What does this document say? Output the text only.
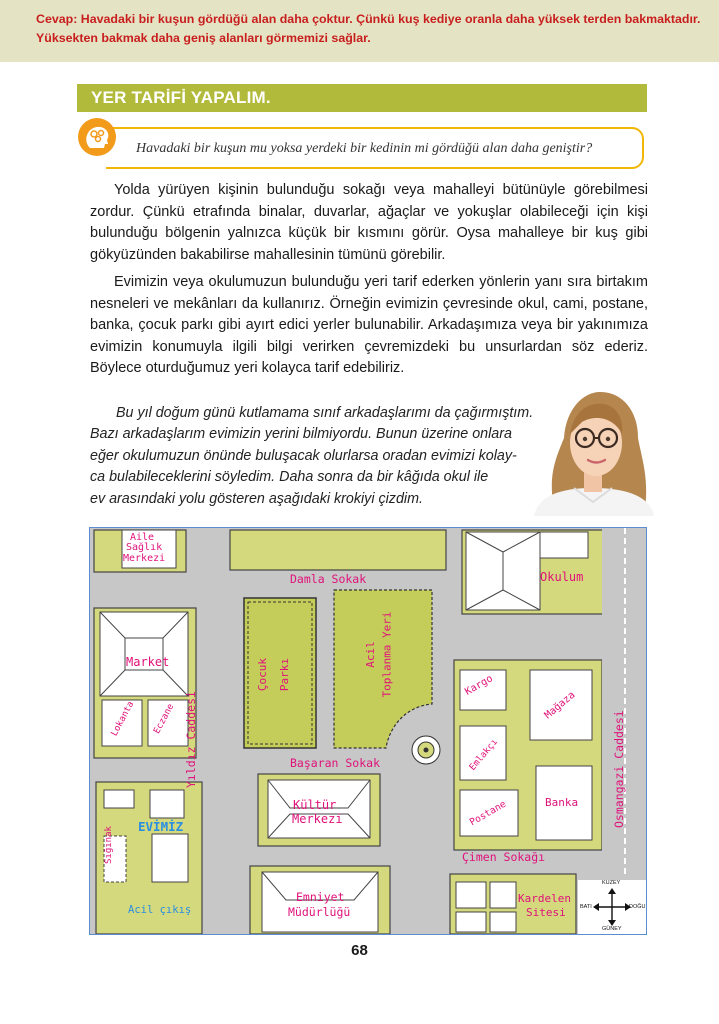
Cevap: Havadaki bir kuşun gördüğü alan daha çoktur. Çünkü kuş kediye oranla daha yüksek terden bakmaktadır.
Yüksekten bakmak daha geniş alanları görmemizi sağlar.
YER TARİFİ YAPALIM.
Havadaki bir kuşun mu yoksa yerdeki bir kedinin mi gördüğü alan daha geniştir?
Yolda yürüyen kişinin bulunduğu sokağı veya mahalleyi bütünüyle görebilmesi zordur. Çünkü etrafında binalar, duvarlar, ağaçlar ve yokuşlar olabileceği için kişi bulunduğu bölgenin yalnızca küçük bir kısmını görür. Oysa mahalleye bir kuş gibi gökyüzünden bakabilirse mahallesinin tümünü görebilir.
Evimizin veya okulumuzun bulunduğu yeri tarif ederken yönlerin yanı sıra birtakım nesneleri ve mekânları da kullanırız. Örneğin evimizin çevresinde okul, cami, postane, banka, çocuk parkı gibi ayırt edici yerler bulunabilir. Arkadaşımıza veya bir yakınımıza evimizin konumuyla ilgili bilgi verirken çevremizdeki bu unsurlardan söz ederiz. Böylece oturduğumuz yeri kolayca tarif edebiliriz.
Bu yıl doğum günü kutlamama sınıf arkadaşlarımı da çağırmıştım.
Bazı arkadaşlarım evimizin yerini bilmiyordu. Bunun üzerine onlara
eğer okulumuzun önünde buluşacak olurlarsa oradan evimizi kolay-
ca bulabileceklerini söyledim. Daha sonra da bir kâğıda okul ile
ev arasındaki yolu gösteren aşağıdaki krokiyi çizdim.
Aile
Sağlık
Merkezi
Damla Sokak	Okulum
Market
Lokanta Eczane
Çocuk Parkı
Acil Toplanma Yeri	Kargo
Mağaza
Emlakçı
Postane	Banka
Başaran Sokak
Kültür
Merkezi
Yıldız Caddesi	Osmangazi Caddesi
EVİMİZ
Sığınak
Acil çıkış
Çimen Sokağı
Emniyet
Müdürlüğü
Kardelen
Sitesi
KUZEY
GÜNEY
BATI	DOĞU
68
